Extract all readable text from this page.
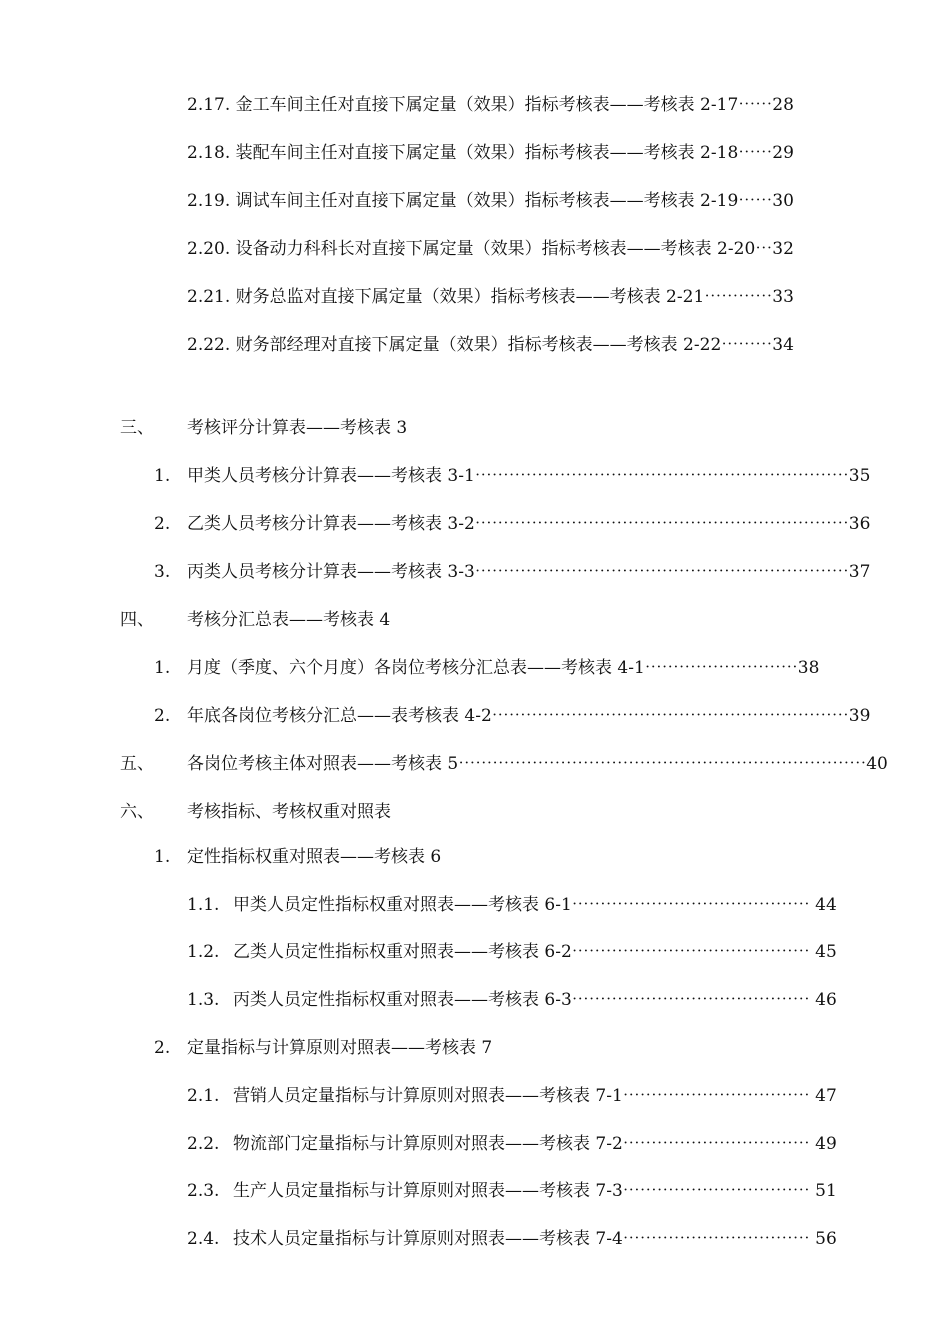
2.17. 金工车间主任对直接下属定量（效果）指标考核表——考核表 2-17⋯⋯28
2.18. 装配车间主任对直接下属定量（效果）指标考核表——考核表 2-18⋯⋯29
2.19. 调试车间主任对直接下属定量（效果）指标考核表——考核表 2-19⋯⋯30
2.20. 设备动力科科长对直接下属定量（效果）指标考核表——考核表 2-20⋯32
2.21. 财务总监对直接下属定量（效果）指标考核表——考核表 2-21⋯⋯⋯⋯33
2.22. 财务部经理对直接下属定量（效果）指标考核表——考核表 2-22⋯⋯⋯34
三、 考核评分计算表——考核表 3
1. 甲类人员考核分计算表——考核表 3-1⋯⋯⋯⋯⋯⋯⋯⋯⋯⋯⋯⋯⋯⋯⋯⋯⋯⋯⋯⋯⋯⋯35
2. 乙类人员考核分计算表——考核表 3-2⋯⋯⋯⋯⋯⋯⋯⋯⋯⋯⋯⋯⋯⋯⋯⋯⋯⋯⋯⋯⋯⋯36
3. 丙类人员考核分计算表——考核表 3-3⋯⋯⋯⋯⋯⋯⋯⋯⋯⋯⋯⋯⋯⋯⋯⋯⋯⋯⋯⋯⋯⋯37
四、 考核分汇总表——考核表 4
1. 月度（季度、六个月度）各岗位考核分汇总表——考核表 4-1⋯⋯⋯⋯⋯⋯⋯⋯⋯38
2. 年底各岗位考核分汇总——表考核表 4-2⋯⋯⋯⋯⋯⋯⋯⋯⋯⋯⋯⋯⋯⋯⋯⋯⋯⋯⋯⋯⋯39
五、 各岗位考核主体对照表——考核表 5⋯⋯⋯⋯⋯⋯⋯⋯⋯⋯⋯⋯⋯⋯⋯⋯⋯⋯⋯⋯⋯⋯⋯⋯40
六、 考核指标、考核权重对照表
1. 定性指标权重对照表——考核表 6
1.1. 甲类人员定性指标权重对照表——考核表 6-1⋯⋯⋯⋯⋯⋯⋯⋯⋯⋯⋯⋯⋯⋯ 44
1.2. 乙类人员定性指标权重对照表——考核表 6-2⋯⋯⋯⋯⋯⋯⋯⋯⋯⋯⋯⋯⋯⋯ 45
1.3. 丙类人员定性指标权重对照表——考核表 6-3⋯⋯⋯⋯⋯⋯⋯⋯⋯⋯⋯⋯⋯⋯ 46
2. 定量指标与计算原则对照表——考核表 7
2.1. 营销人员定量指标与计算原则对照表——考核表 7-1⋯⋯⋯⋯⋯⋯⋯⋯⋯⋯⋯ 47
2.2. 物流部门定量指标与计算原则对照表——考核表 7-2⋯⋯⋯⋯⋯⋯⋯⋯⋯⋯⋯ 49
2.3. 生产人员定量指标与计算原则对照表——考核表 7-3⋯⋯⋯⋯⋯⋯⋯⋯⋯⋯⋯ 51
2.4. 技术人员定量指标与计算原则对照表——考核表 7-4⋯⋯⋯⋯⋯⋯⋯⋯⋯⋯⋯ 56
